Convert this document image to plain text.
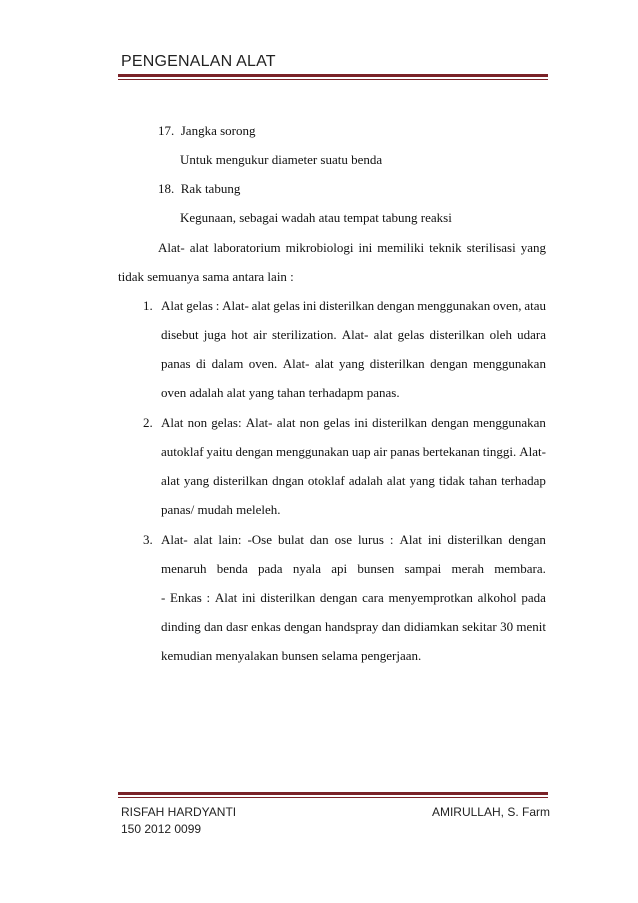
PENGENALAN ALAT
17. Jangka sorong
Untuk mengukur diameter suatu benda
18. Rak tabung
Kegunaan, sebagai wadah atau tempat tabung reaksi
Alat- alat laboratorium mikrobiologi ini memiliki teknik sterilisasi yang
tidak semuanya sama antara lain :
1. Alat gelas : Alat- alat gelas ini disterilkan dengan menggunakan oven, atau
disebut juga hot air sterilization. Alat- alat gelas disterilkan oleh udara
panas di dalam oven. Alat- alat yang disterilkan dengan menggunakan
oven adalah alat yang tahan terhadapm panas.
2. Alat non gelas: Alat- alat non gelas ini disterilkan dengan menggunakan
autoklaf yaitu dengan menggunakan uap air panas bertekanan tinggi. Alat-
alat yang disterilkan dngan otoklaf adalah alat yang tidak tahan terhadap
panas/ mudah meleleh.
3. Alat- alat lain: -Ose bulat dan ose lurus : Alat ini disterilkan dengan
menaruh benda pada nyala api bunsen sampai merah membara.
- Enkas : Alat ini disterilkan dengan cara menyemprotkan alkohol pada
dinding dan dasr enkas dengan handspray dan didiamkan sekitar 30 menit
kemudian menyalakan bunsen selama pengerjaan.
RISFAH HARDYANTI
150 2012 0099
AMIRULLAH, S. Farm
